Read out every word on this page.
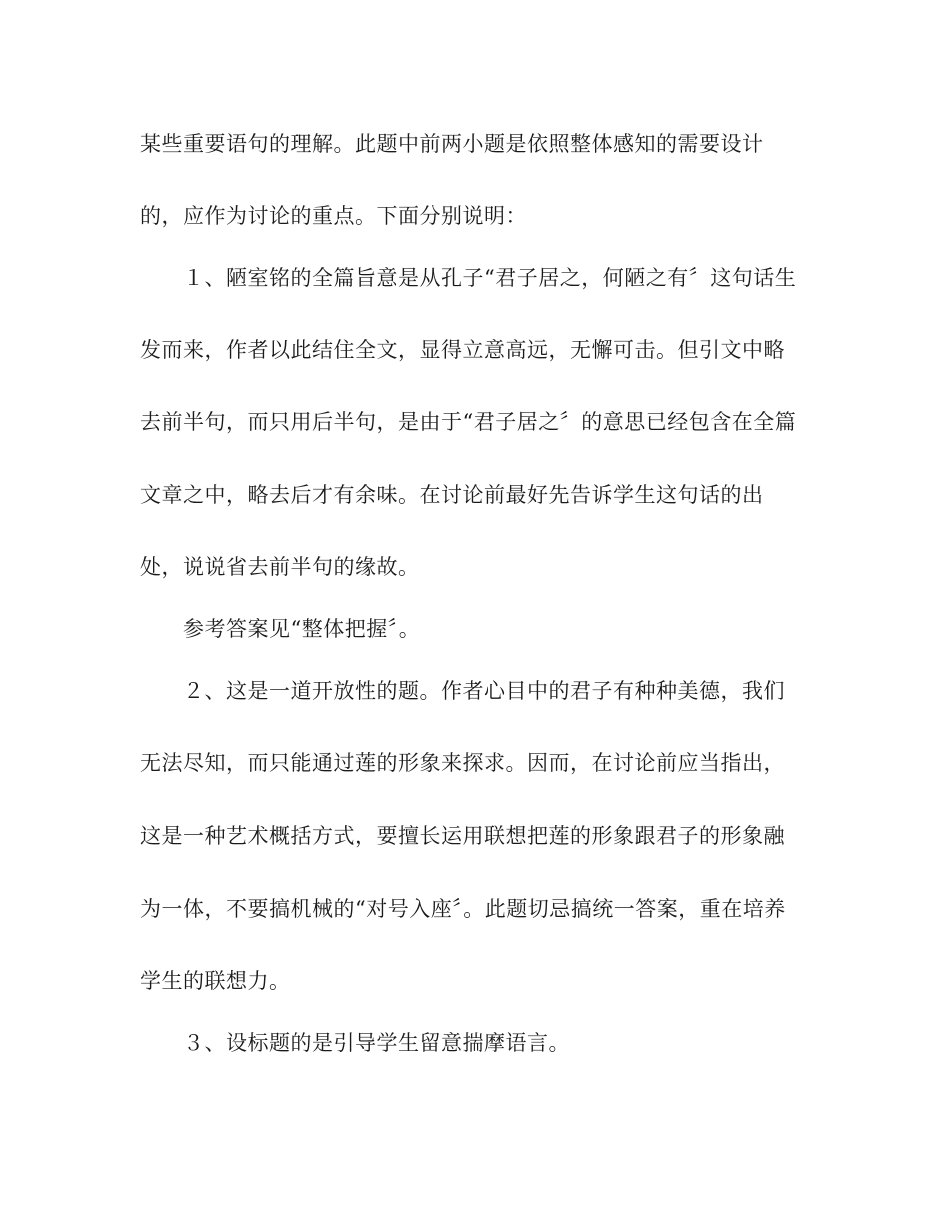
某些重要语句的理解。此题中前两小题是依照整体感知的需要设计
的，应作为讨论的重点。下面分别说明：
１、陋室铭的全篇旨意是从孔子“君子居之，何陋之有〞这句话生
发而来，作者以此结住全文，显得立意高远，无懈可击。但引文中略
去前半句，而只用后半句，是由于“君子居之〞的意思已经包含在全篇
文章之中，略去后才有余味。在讨论前最好先告诉学生这句话的出
处，说说省去前半句的缘故。
参考答案见“整体把握〞。
２、这是一道开放性的题。作者心目中的君子有种种美德，我们
无法尽知，而只能通过莲的形象来探求。因而，在讨论前应当指出，
这是一种艺术概括方式，要擅长运用联想把莲的形象跟君子的形象融
为一体，不要搞机械的“对号入座〞。此题切忌搞统一答案，重在培养
学生的联想力。
３、设标题的是引导学生留意揣摩语言。
